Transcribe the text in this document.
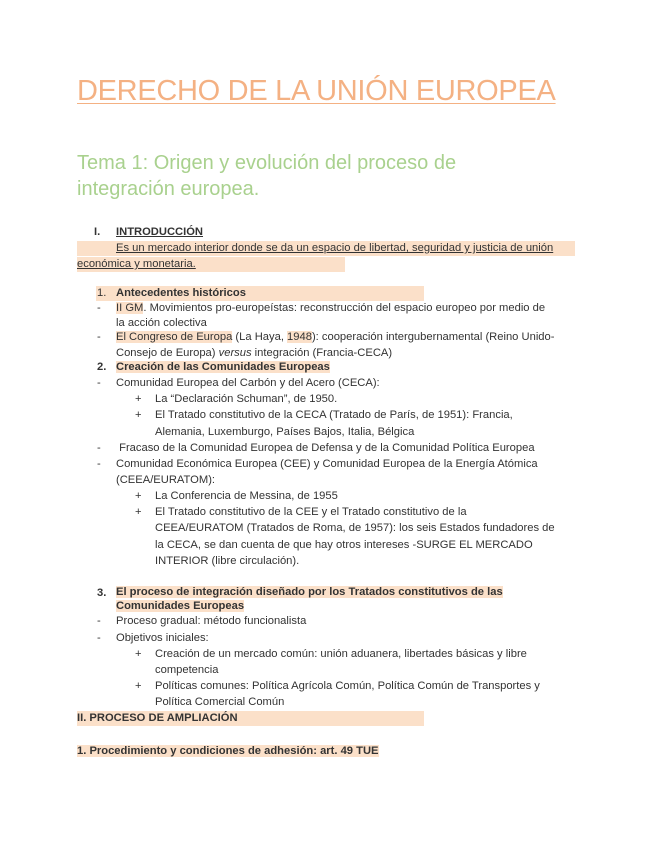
DERECHO DE LA UNIÓN EUROPEA
Tema 1: Origen y evolución del proceso de
integración europea.
I. INTRODUCCIÓN
Es un mercado interior donde se da un espacio de libertad, seguridad y justicia de unión
económica y monetaria.
1. Antecedentes históricos
- II GM. Movimientos pro-europeístas: reconstrucción del espacio europeo por medio de
la acción colectiva
- El Congreso de Europa (La Haya, 1948): cooperación intergubernamental (Reino Unido-
Consejo de Europa) versus integración (Francia-CECA)
2. Creación de las Comunidades Europeas
- Comunidad Europea del Carbón y del Acero (CECA):
+ La “Declaración Schuman”, de 1950.
+ El Tratado constitutivo de la CECA (Tratado de París, de 1951): Francia,
Alemania, Luxemburgo, Países Bajos, Italia, Bélgica
- Fracaso de la Comunidad Europea de Defensa y de la Comunidad Política Europea
- Comunidad Económica Europea (CEE) y Comunidad Europea de la Energía Atómica
(CEEA/EURATOM):
+ La Conferencia de Messina, de 1955
+ El Tratado constitutivo de la CEE y el Tratado constitutivo de la
CEEA/EURATOM (Tratados de Roma, de 1957): los seis Estados fundadores de
la CECA, se dan cuenta de que hay otros intereses -SURGE EL MERCADO
INTERIOR (libre circulación).
3. El proceso de integración diseñado por los Tratados constitutivos de las
Comunidades Europeas
- Proceso gradual: método funcionalista
- Objetivos iniciales:
+ Creación de un mercado común: unión aduanera, libertades básicas y libre
competencia
+ Políticas comunes: Política Agrícola Común, Política Común de Transportes y
Política Comercial Común
II. PROCESO DE AMPLIACIÓN
1. Procedimiento y condiciones de adhesión: art. 49 TUE
